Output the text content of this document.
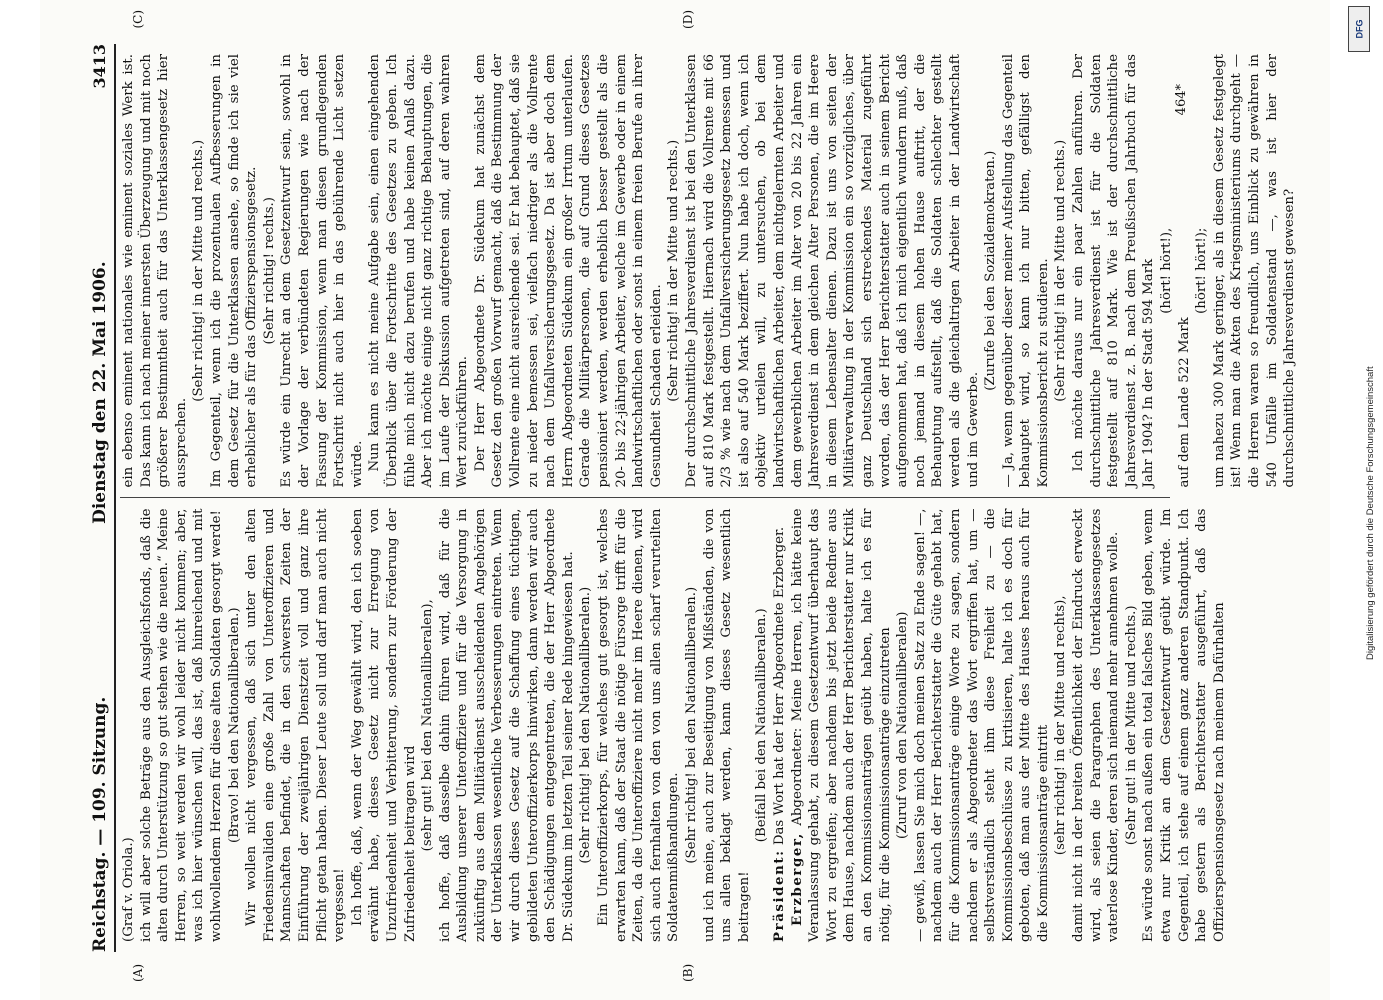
Reichstag. — 109. Sitzung.
Dienstag den 22. Mai 1906.
3413
(A)	(B)

(Graf v. Oriola.) ich will aber solche Beträge aus den Ausgleichsfonds, daß die alten durch Unterstützung so gut stehen wie die neuen.“ Meine Herren, so weit werden wir wohl leider nicht kommen; aber, was ich hier wünschen will, das ist, daß hinreichend und mit wohlwollendem Herzen für diese alten Soldaten gesorgt werde! (Bravo! bei den Nationalliberalen.) Wir wollen nicht vergessen, daß sich unter den alten Friedensinvaliden eine große Zahl von Unteroffizieren und Mannschaften befindet, die in den schwersten Zeiten der Einführung der zweijährigen Dienstzeit voll und ganz ihre Pflicht getan haben. Dieser Leute soll und darf man auch nicht vergessen! Ich hoffe, daß, wenn der Weg gewählt wird, den ich soeben erwähnt habe, dieses Gesetz nicht zur Erregung von Unzufriedenheit und Verbitterung, sondern zur Förderung der Zufriedenheit beitragen wird (sehr gut! bei den Nationalliberalen), ich hoffe, daß dasselbe dahin führen wird, daß für die Ausbildung unserer Unteroffiziere und für die Versorgung in zukünftig aus dem Militärdienst ausscheidenden Angehörigen der Unterklassen wesentliche Verbesserungen eintreten. Wenn wir durch dieses Gesetz auf die Schaffung eines tüchtigen, gebildeten Unteroffizierkorps hinwirken, dann werden wir auch den Schädigungen entgegentreten, die der Herr Abgeordnete Dr. Südekum im letzten Teil seiner Rede hingewiesen hat. (Sehr richtig! bei den Nationalliberalen.) Ein Unteroffizierkorps, für welches gut gesorgt ist, welches erwarten kann, daß der Staat die nötige Fürsorge trifft für die Zeiten, da die Unteroffiziere nicht mehr im Heere dienen, wird sich auch fernhalten von den von uns allen scharf verurteilten Soldatenmißhandlungen. (Sehr richtig! bei den Nationalliberalen.) und ich meine, auch zur Beseitigung von Mißständen, die von uns allen beklagt werden, kann dieses Gesetz wesentlich beitragen!

(Beifall bei den Nationalliberalen.)

Präsident: Das Wort hat der Herr Abgeordnete Erzberger.

Erzberger, Abgeordneter: Meine Herren, ich hätte keine Veranlassung gehabt, zu diesem Gesetzentwurf überhaupt das Wort zu ergreifen; aber nachdem bis jetzt beide Redner aus dem Hause, nachdem auch der Herr Berichterstatter nur Kritik an den Kommissionsanträgen geübt haben, halte ich es für nötig, für die Kommissionsanträge einzutreten (Zuruf von den Nationalliberalen) — gewiß, lassen Sie mich doch meinen Satz zu Ende sagen! —, nachdem auch der Herr Berichterstatter die Güte gehabt hat, für die Kommissionsanträge einige Worte zu sagen, sondern nachdem er als Abgeordneter das Wort ergriffen hat, um — selbstverständlich steht ihm diese Freiheit zu — die Kommissionsbeschlüsse zu kritisieren, halte ich es doch für geboten, daß man aus der Mitte des Hauses heraus auch für die Kommissionsanträge eintritt (sehr richtig! in der Mitte und rechts), damit nicht in der breiten Öffentlichkeit der Eindruck erweckt wird, als seien die Paragraphen des Unterklassengesetzes vaterlose Kinder, deren sich niemand mehr annehmen wolle. (Sehr gut! in der Mitte und rechts.) Es würde sonst nach außen ein total falsches Bild geben, wenn etwa nur Kritik an dem Gesetzentwurf geübt würde. Im Gegenteil, ich stehe auf einem ganz anderen Standpunkt. Ich habe gestern als Berichterstatter ausgeführt, daß das Offizierspensionsgesetz nach meinem Dafürhalten

(C)	(D)

ein ebenso eminent nationales wie eminent soziales Werk ist. Das kann ich nach meiner innersten Überzeugung und mit noch größerer Bestimmtheit auch für das Unterklassengesetz hier aussprechen.

(Sehr richtig! in der Mitte und rechts.) Im Gegenteil, wenn ich die prozentualen Aufbesserungen in dem Gesetz für die Unterklassen ansehe, so finde ich sie viel erheblicher als für das Offizierspensionsgesetz. (Sehr richtig! rechts.) Es würde ein Unrecht an dem Gesetzentwurf sein, sowohl in der Vorlage der verbündeten Regierungen wie nach der Fassung der Kommission, wenn man diesen grundlegenden Fortschritt nicht auch hier in das gebührende Licht setzen würde. Nun kann es nicht meine Aufgabe sein, einen eingehenden Überblick über die Fortschritte des Gesetzes zu geben. Ich fühle mich nicht dazu berufen und habe keinen Anlaß dazu. Aber ich möchte einige nicht ganz richtige Behauptungen, die im Laufe der Diskussion aufgetreten sind, auf deren wahren Wert zurückführen. Der Herr Abgeordnete Dr. Südekum hat zunächst dem Gesetz den großen Vorwurf gemacht, daß die Bestimmung der Vollrente eine nicht ausreichende sei. Er hat behauptet, daß sie zu nieder bemessen sei, vielfach niedriger als die Vollrente nach dem Unfallversicherungsgesetz. Da ist aber doch dem Herrn Abgeordneten Südekum ein großer Irrtum unterlaufen. Gerade die Militärpersonen, die auf Grund dieses Gesetzes pensioniert werden, werden erheblich besser gestellt als die 20- bis 22-jährigen Arbeiter, welche im Gewerbe oder in einem landwirtschaftlichen oder sonst in einem freien Berufe an ihrer Gesundheit Schaden erleiden. (Sehr richtig! in der Mitte und rechts.) Der durchschnittliche Jahresverdienst ist bei den Unterklassen auf 810 Mark festgestellt. Hiernach wird die Vollrente mit 66 2/3 % wie nach dem Unfallversicherungsgesetz bemessen und ist also auf 540 Mark beziffert. Nun habe ich doch, wenn ich objektiv urteilen will, zu untersuchen, ob bei dem landwirtschaftlichen Arbeiter, dem nichtgelernten Arbeiter und dem gewerblichen Arbeiter im Alter von 20 bis 22 Jahren ein Jahresverdienst in dem gleichen Alter Personen, die im Heere in diesem Lebensalter dienen. Dazu ist uns von seiten der Militärverwaltung in der Kommission ein so vorzügliches, über ganz Deutschland sich erstreckendes Material zugeführt worden, das der Herr Berichterstatter auch in seinem Bericht aufgenommen hat, daß ich mich eigentlich wundern muß, daß noch jemand in diesem hohen Hause auftritt, der die Behauptung aufstellt, daß die Soldaten schlechter gestellt werden als die gleichaltrigen Arbeiter in der Landwirtschaft und im Gewerbe.

(Zurufe bei den Sozialdemokraten.) — Ja, wenn gegenüber dieser meiner Aufstellung das Gegenteil behauptet wird, so kann ich nur bitten, gefälligst den Kommissionsbericht zu studieren. (Sehr richtig! in der Mitte und rechts.) Ich möchte daraus nur ein paar Zahlen anführen. Der durchschnittliche Jahresverdienst ist für die Soldaten festgestellt auf 810 Mark. Wie ist der durchschnittliche Jahresverdienst z. B. nach dem Preußischen Jahrbuch für das Jahr 1904? In der Stadt 594 Mark (hört! hört!),

auf dem Lande 522 Mark

(hört! hört!); um nahezu 300 Mark geringer, als in diesem Gesetz festgelegt ist! Wenn man die Akten des Kriegsministeriums durchgeht — die Herren waren so freundlich, uns Einblick zu gewähren in 540 Unfälle im Soldatenstand —, was ist hier der durchschnittliche Jahresverdienst gewesen?

464*
DFG
Digitalisierung gefördert durch die Deutsche Forschungsgemeinschaft
